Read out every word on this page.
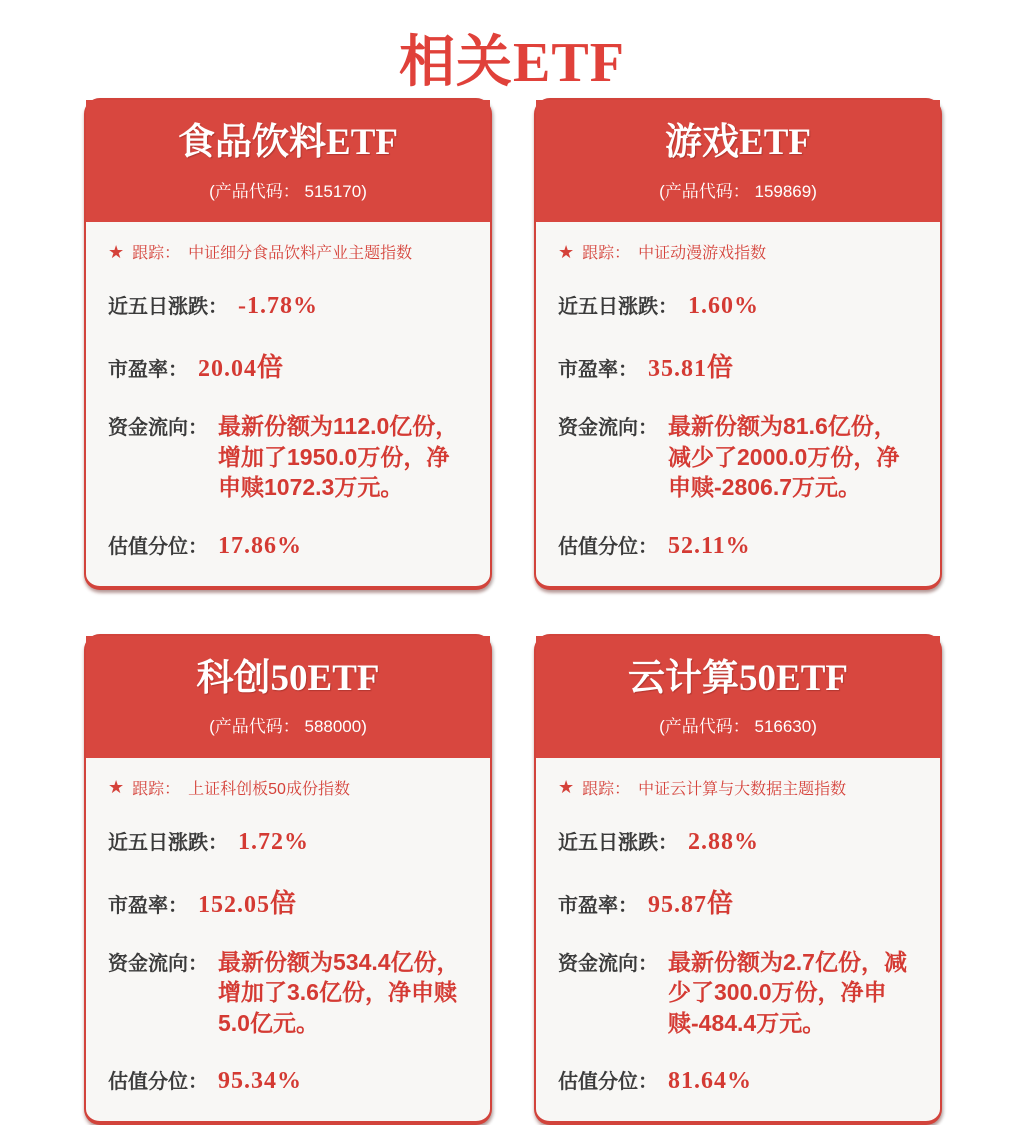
相关ETF
食品饮料ETF
(产品代码： 515170)
★ 跟踪： 中证细分食品饮料产业主题指数
近五日涨跌： -1.78%
市盈率： 20.04 倍
资金流向： 最新份额为112.0亿份，增加了1950.0万份，净申赎1072.3万元。
估值分位： 17.86%
游戏ETF
(产品代码： 159869)
★ 跟踪： 中证动漫游戏指数
近五日涨跌： 1.60%
市盈率： 35.81 倍
资金流向： 最新份额为81.6亿份，减少了2000.0万份，净申赎-2806.7万元。
估值分位： 52.11%
科创50ETF
(产品代码： 588000)
★ 跟踪： 上证科创板50成份指数
近五日涨跌： 1.72%
市盈率： 152.05 倍
资金流向： 最新份额为534.4亿份，增加了3.6亿份，净申赎5.0亿元。
估值分位： 95.34%
云计算50ETF
(产品代码： 516630)
★ 跟踪： 中证云计算与大数据主题指数
近五日涨跌： 2.88%
市盈率： 95.87 倍
资金流向： 最新份额为2.7亿份，减少了300.0万份，净申赎-484.4万元。
估值分位： 81.64%
